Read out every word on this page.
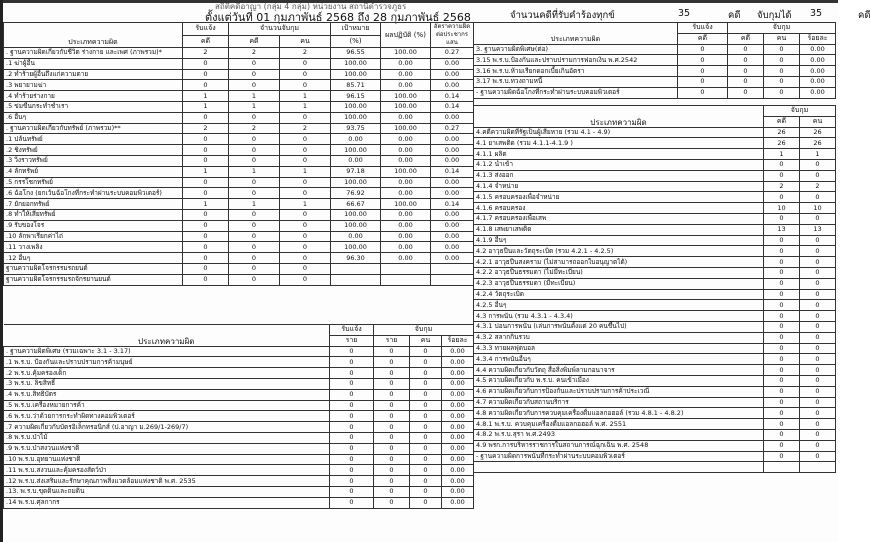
สถิติคดีอาญา (กลุ่ม 4 กลุ่ม) หน่วยงาน สถานีตำรวจภูธร
ตั้งแต่วันที่ 01 กุมภาพันธ์ 2568 ถึง 28 กุมภาพันธ์ 2568	จำนวนคดีที่รับคำร้องทุกข์	35	คดี จับกุมได้ 35	คดี
ประเภทความผิด	รับแจ้ง	จำนวนจับกุม		เป้าหมาย	ผลปฏิบัติ (%)	อัตราความผิดต่อประชากรแสน
	คดี	คดี	คน	(%)		
. ฐานความผิดเกี่ยวกับชีวิต ร่างกาย และเพศ (ภาพรวม)*	2	2	2	96.55	100.00	0.27
.1 ฆ่าผู้อื่น	0	0	0	100.00	0.00	0.00
.2 ทำร้ายผู้อื่นถึงแก่ความตาย	0	0	0	100.00	0.00	0.00
.3 พยายามฆ่า	0	0	0	85.71	0.00	0.00
.4 ทำร้ายร่างกาย	1	1	1	96.15	100.00	0.14
.5 ข่มขืนกระทำชำเรา	1	1	1	100.00	100.00	0.14
.6 อื่นๆ	0	0	0	100.00	0.00	0.00
. ฐานความผิดเกี่ยวกับทรัพย์ (ภาพรวม)**	2	2	2	93.75	100.00	0.27
.1 ปล้นทรัพย์	0	0	0	0.00	0.00	0.00
.2 ชิงทรัพย์	0	0	0	100.00	0.00	0.00
.3 วิ่งราวทรัพย์	0	0	0	0.00	0.00	0.00
.4 ลักทรัพย์	1	1	1	97.18	100.00	0.14
.5 กรรโชกทรัพย์	0	0	0	100.00	0.00	0.00
.6 ฉ้อโกง (ยกเว้นฉ้อโกงที่กระทำผ่านระบบคอมพิวเตอร์)	0	0	0	76.92	0.00	0.00
.7 ยักยอกทรัพย์	1	1	1	66.67	100.00	0.14
.8 ทำให้เสียทรัพย์	0	0	0	100.00	0.00	0.00
.9 รับของโจร	0	0	0	100.00	0.00	0.00
.10 ลักพาเรียกค่าไถ่	0	0	0	0.00	0.00	0.00
.11 วางเพลิง	0	0	0	100.00	0.00	0.00
.12 อื่นๆ	0	0	0	96.30	0.00	0.00
ฐานความผิดโจรกรรมรถยนต์	0	0	0			
ฐานความผิดโจรกรรมรถจักรยานยนต์	0	0	0			
ประเภทความผิด	รับแจ้ง	จับกุม		
	ราย	ราย	คน	ร้อยละ
. ฐานความผิดพิเศษ (รวมเฉพาะ 3.1 - 3.17)	0	0	0	0.00
.1 พ.ร.บ. ป้องกันและปราบปรามการค้ามนุษย์	0	0	0	0.00
.2 พ.ร.บ.คุ้มครองเด็ก	0	0	0	0.00
.3 พ.ร.บ. ลิขสิทธิ์	0	0	0	0.00
.4 พ.ร.บ.สิทธิบัตร	0	0	0	0.00
.5 พ.ร.บ.เครื่องหมายการค้า	0	0	0	0.00
.6 พ.ร.บ.ว่าด้วยการกระทำผิดทางคอมพิวเตอร์	0	0	0	0.00
.7 ความผิดเกี่ยวกับบัตรอิเล็กทรอนิกส์ (ป.อาญา ม.269/1-269/7)	0	0	0	0.00
.8 พ.ร.บ.ป่าไม้	0	0	0	0.00
.9 พ.ร.บ.ป่าสงวนแห่งชาติ	0	0	0	0.00
.10 พ.ร.บ.อุทยานแห่งชาติ	0	0	0	0.00
.11 พ.ร.บ.สงวนและคุ้มครองสัตว์ป่า	0	0	0	0.00
.12 พ.ร.บ.ส่งเสริมและรักษาคุณภาพสิ่งแวดล้อมแห่งชาติ พ.ศ. 2535	0	0	0	0.00
.13. พ.ร.บ.ขุดดินและถมดิน	0	0	0	0.00
.14 พ.ร.บ.ศุลกากร	0	0	0	0.00
ประเภทความผิด	รับแจ้ง	จับกุม		
	คดี	คดี	คน	ร้อยละ
3. ฐานความผิดพิเศษ(ต่อ)	0	0	0	0.00
3.15 พ.ร.บ.ป้องกันและปราบปรามการฟอกเงิน พ.ศ.2542	0	0	0	0.00
3.16 พ.ร.บ.ห้ามเรียกดอกเบี้ยเกินอัตรา	0	0	0	0.00
3.17 พ.ร.บ.ทวงถามหนี้	0	0	0	0.00
- ฐานความผิดฉ้อโกงที่กระทำผ่านระบบคอมพิวเตอร์	0	0	0	0.00
ประเภทความผิด	จับกุม	
	คดี	คน
4.คดีความผิดที่รัฐเป็นผู้เสียหาย (รวม 4.1 - 4.9)	26	26
4.1 ยาเสพติด (รวม 4.1.1-4.1.9 )	26	26
4.1.1 ผลิต	1	1
4.1.2 นำเข้า	0	0
4.1.3 ส่งออก	0	0
4.1.4 จำหน่าย	2	2
4.1.5 ครอบครองเพื่อจำหน่าย	0	0
4.1.6 ครอบครอง	10	10
4.1.7 ครอบครองเพื่อเสพ	0	0
4.1.8 เสพยาเสพติด	13	13
4.1.9 อื่นๆ	0	0
4.2 อาวุธปืนและวัตถุระเบิด (รวม 4.2.1 - 4.2.5)	0	0
4.2.1 อาวุธปืนสงคราม (ไม่สามารถออกใบอนุญาตได้)	0	0
4.2.2 อาวุธปืนธรรมดา (ไม่มีทะเบียน)	0	0
4.2.3 อาวุธปืนธรรมดา (มีทะเบียน)	0	0
4.2.4 วัตถุระเบิด	0	0
4.2.5 อื่นๆ	0	0
4.3 การพนัน (รวม 4.3.1 - 4.3.4)	0	0
4.3.1 บ่อนการพนัน (เล่นการพนันตั้งแต่ 20 คนขึ้นไป)	0	0
4.3.2 สลากกินรวบ	0	0
4.3.3 ทายผลฟุตบอล	0	0
4.3.4 การพนันอื่นๆ	0	0
4.4 ความผิดเกี่ยวกับวัตถุ สื่อสิ่งพิมพ์ลามกอนาจาร	0	0
4.5 ความผิดเกี่ยวกับ พ.ร.บ. คนเข้าเมือง	0	0
4.6 ความผิดเกี่ยวกับการป้องกันและปราบปรามการค้าประเวณี	0	0
4.7 ความผิดเกี่ยวกับสถานบริการ	0	0
4.8 ความผิดเกี่ยวกับการควบคุมเครื่องดื่มแอลกอฮอล์ (รวม 4.8.1 - 4.8.2)	0	0
4.8.1 พ.ร.บ. ควบคุมเครื่องดื่มแอลกอฮอล์ พ.ศ. 2551	0	0
4.8.2 พ.ร.บ.สุรา พ.ศ.2493	0	0
4.9 พรก.การบริหารราชการในสถานการณ์ฉุกเฉิน พ.ศ. 2548	0	0
- ฐานความผิดการพนันที่กระทำผ่านระบบคอมพิวเตอร์	0	0
